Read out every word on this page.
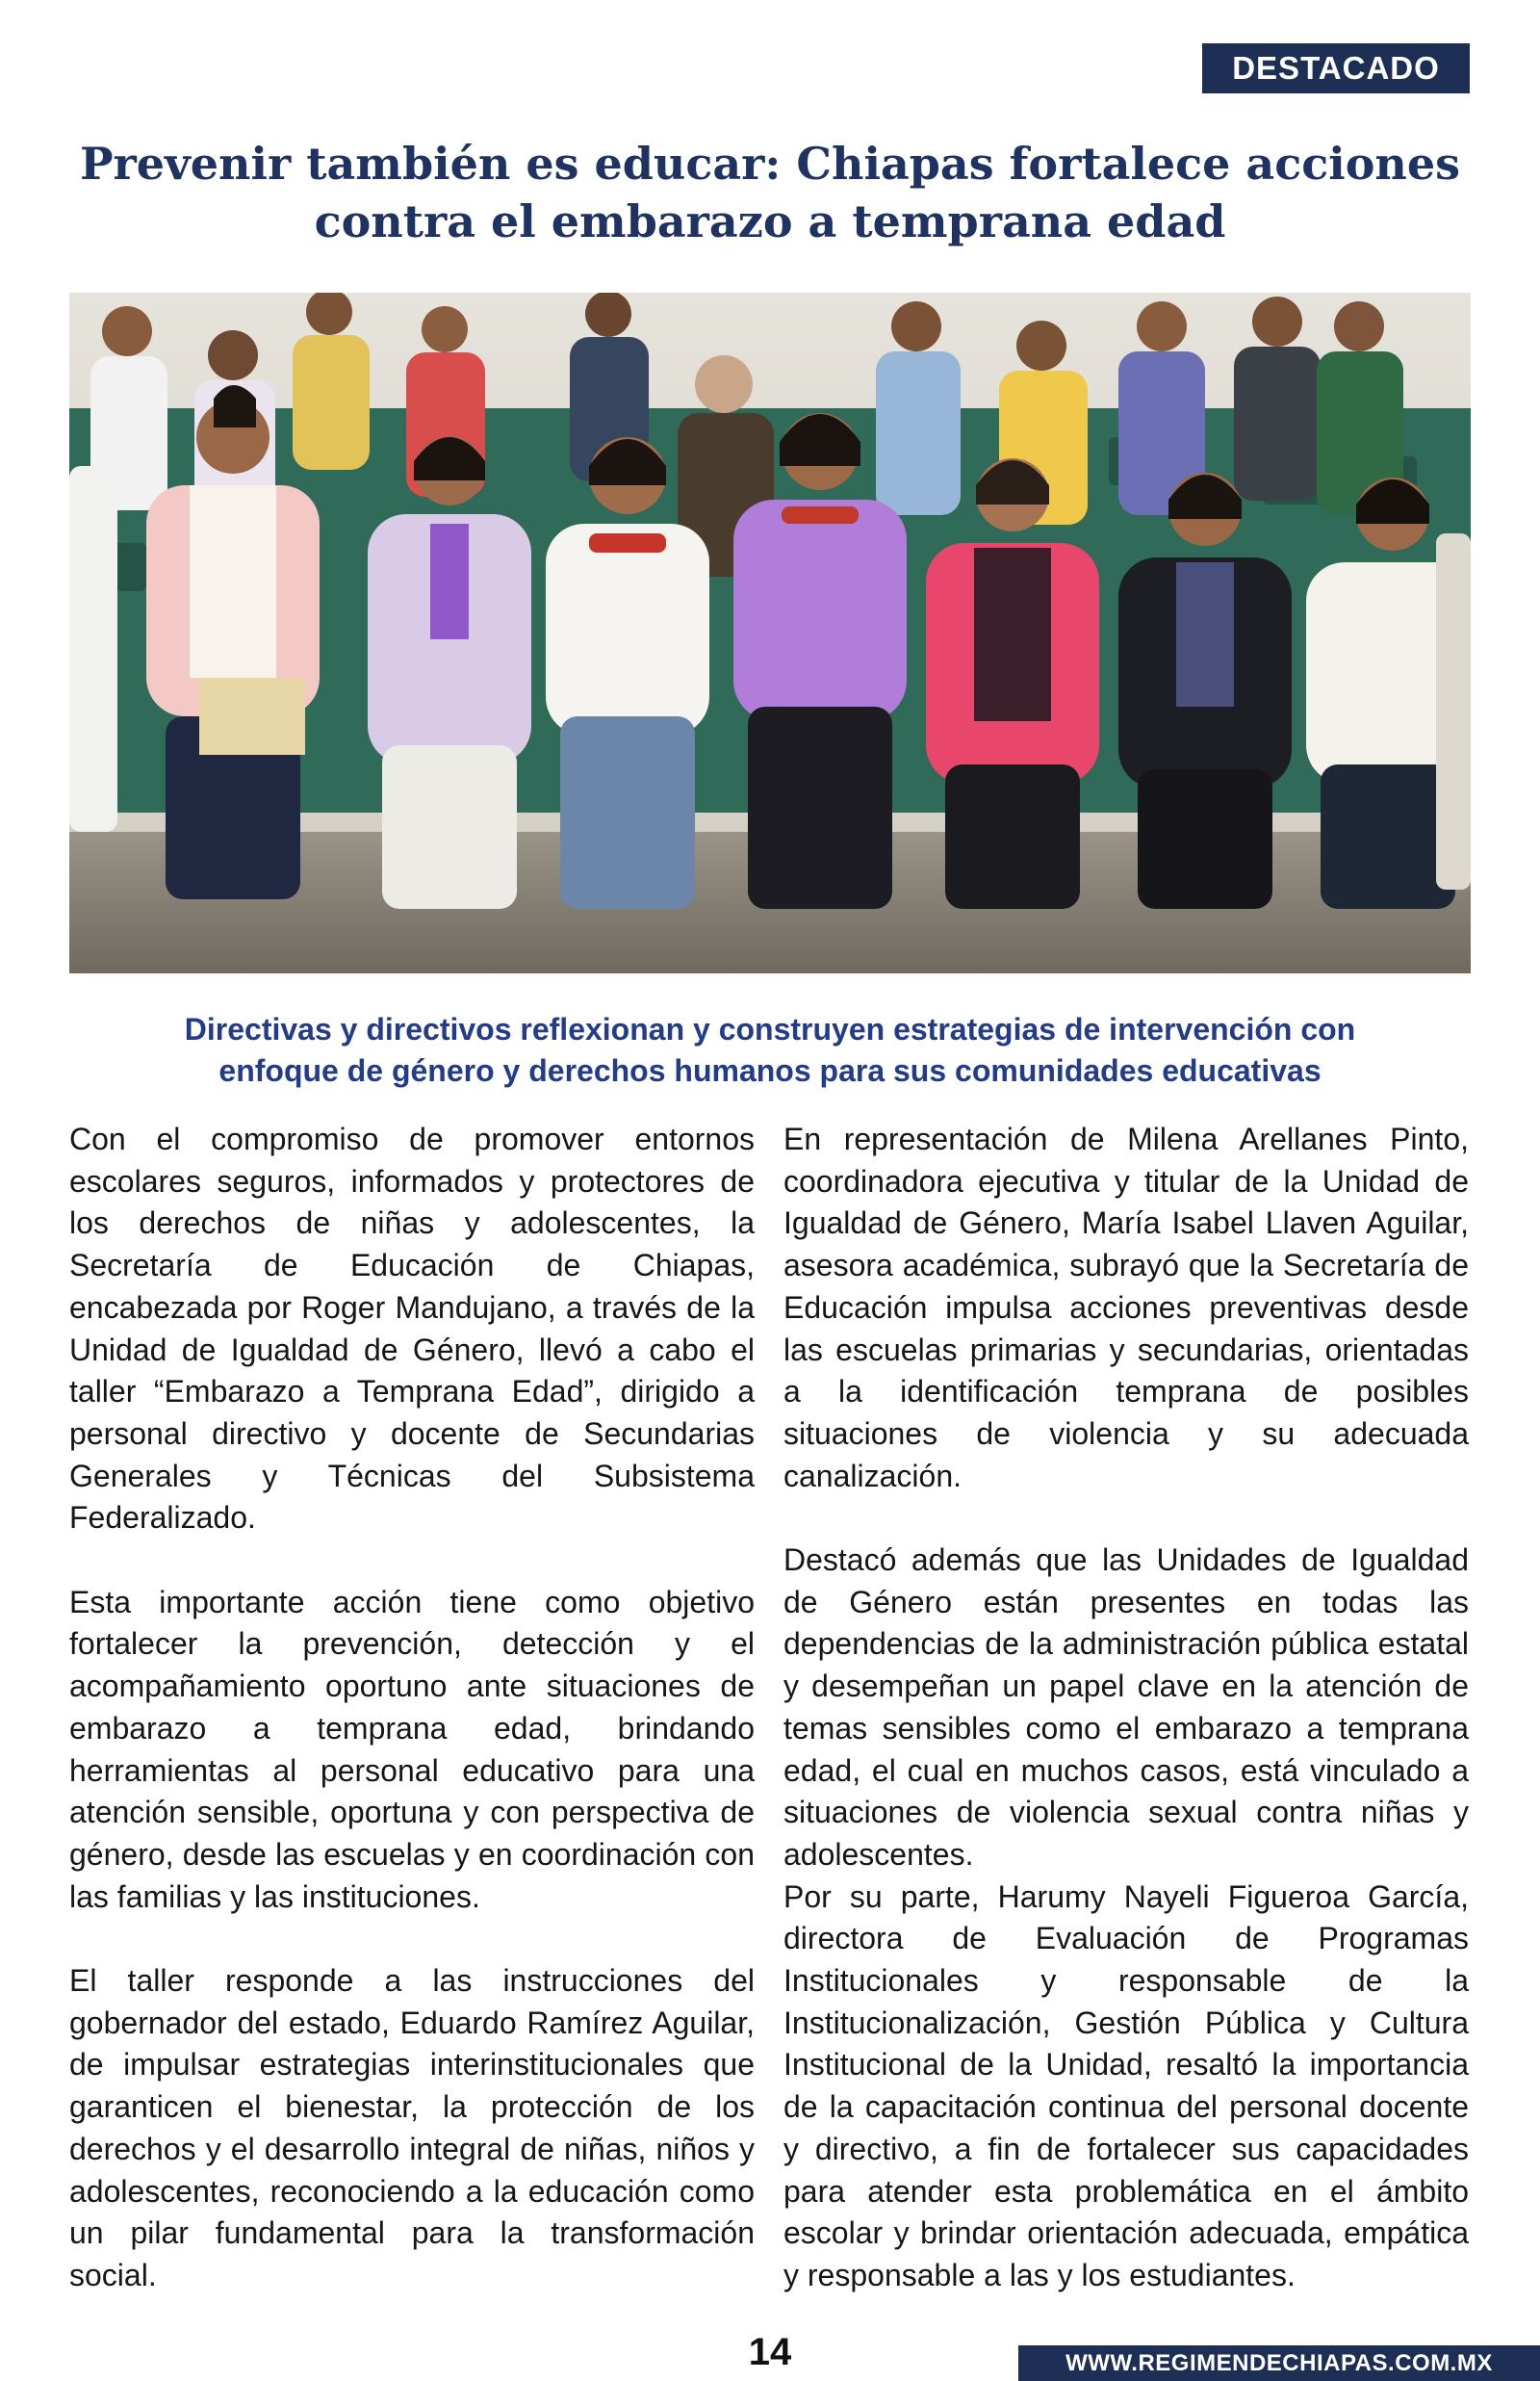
DESTACADO
Prevenir también es educar: Chiapas fortalece acciones
contra el embarazo a temprana edad
Directivas y directivos reflexionan y construyen estrategias de intervención con
enfoque de género y derechos humanos para sus comunidades educativas

Con el compromiso de promover entornos escolares seguros, informados y protectores de los derechos de niñas y adolescentes, la Secretaría de Educación de Chiapas, encabezada por Roger Mandujano, a través de la Unidad de Igualdad de Género, llevó a cabo el taller “Embarazo a Temprana Edad”, dirigido a personal directivo y docente de Secundarias Generales y Técnicas del Subsistema Federalizado.

Esta importante acción tiene como objetivo fortalecer la prevención, detección y el acompañamiento oportuno ante situaciones de embarazo a temprana edad, brindando herramientas al personal educativo para una atención sensible, oportuna y con perspectiva de género, desde las escuelas y en coordinación con las familias y las instituciones.

El taller responde a las instrucciones del gobernador del estado, Eduardo Ramírez Aguilar, de impulsar estrategias interinstitucionales que garanticen el bienestar, la protección de los derechos y el desarrollo integral de niñas, niños y adolescentes, reconociendo a la educación como un pilar fundamental para la transformación social.

En representación de Milena Arellanes Pinto, coordinadora ejecutiva y titular de la Unidad de Igualdad de Género, María Isabel Llaven Aguilar, asesora académica, subrayó que la Secretaría de Educación impulsa acciones preventivas desde las escuelas primarias y secundarias, orientadas a la identificación temprana de posibles situaciones de violencia y su adecuada canalización.

Destacó además que las Unidades de Igualdad de Género están presentes en todas las dependencias de la administración pública estatal y desempeñan un papel clave en la atención de temas sensibles como el embarazo a temprana edad, el cual en muchos casos, está vinculado a situaciones de violencia sexual contra niñas y adolescentes.

Por su parte, Harumy Nayeli Figueroa García, directora de Evaluación de Programas Institucionales y responsable de la Institucionalización, Gestión Pública y Cultura Institucional de la Unidad, resaltó la importancia de la capacitación continua del personal docente y directivo, a fin de fortalecer sus capacidades para atender esta problemática en el ámbito escolar y brindar orientación adecuada, empática y responsable a las y los estudiantes.

14	WWW.REGIMENDECHIAPAS.COM.MX
